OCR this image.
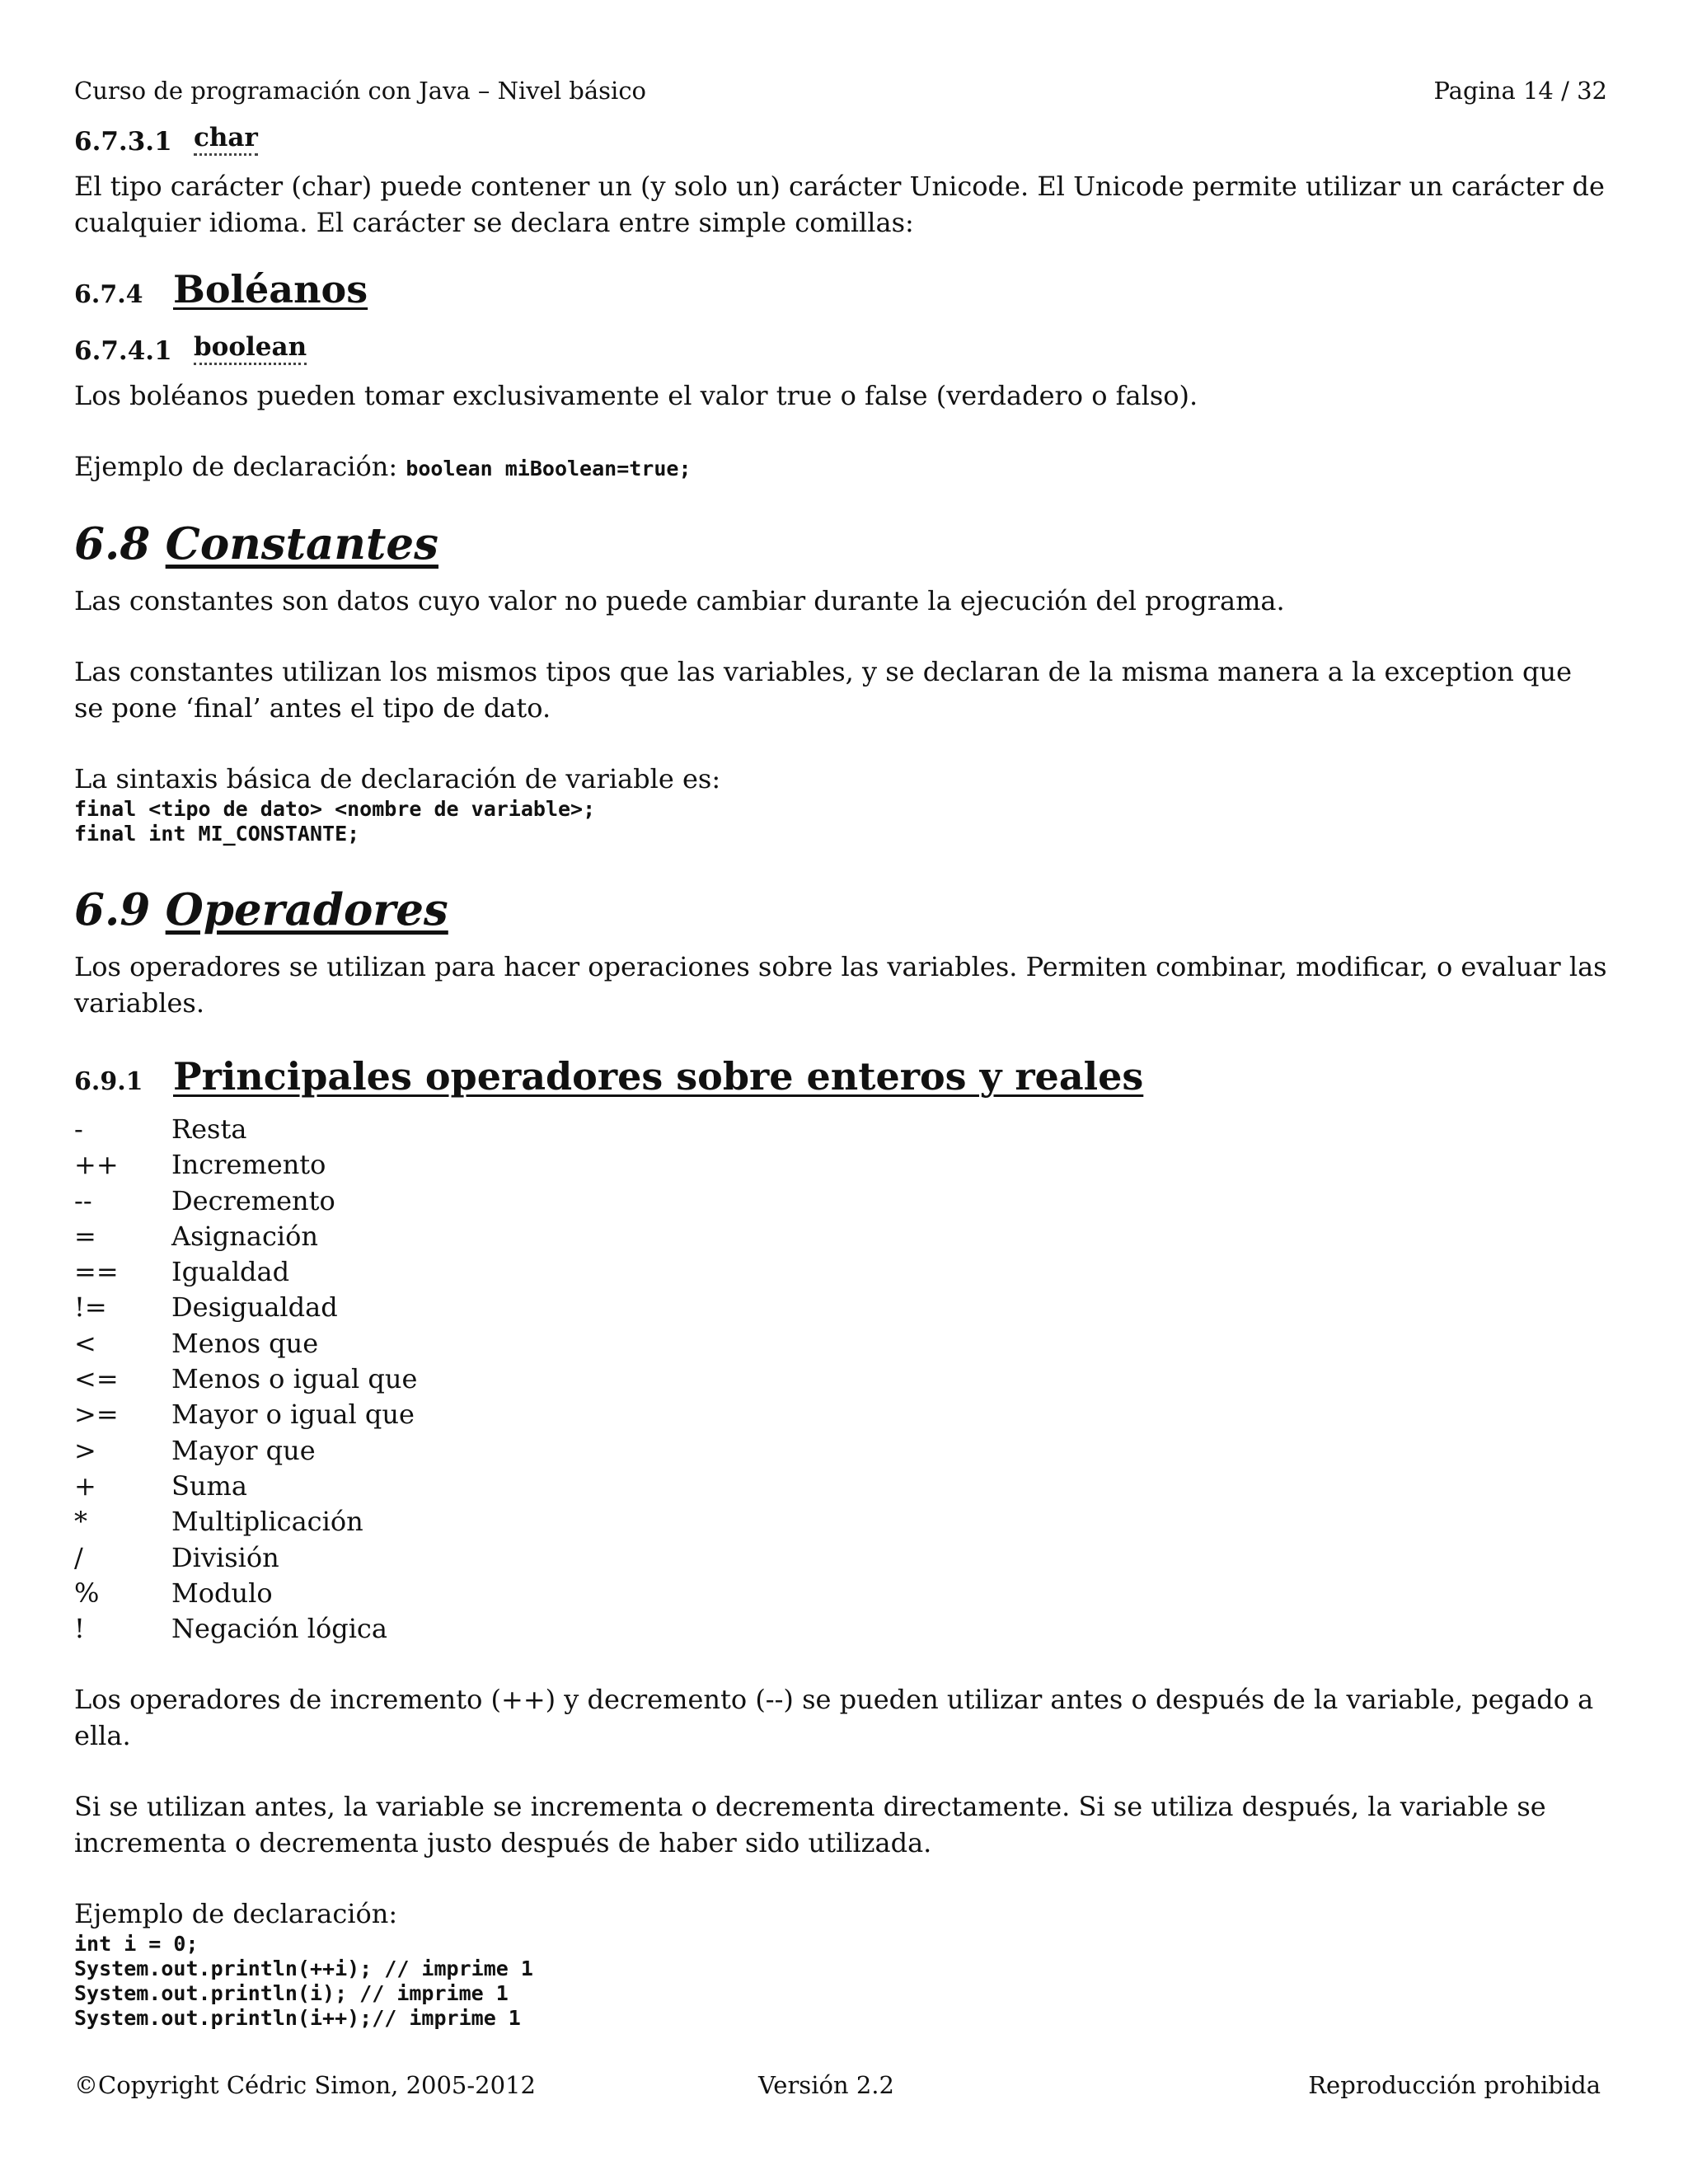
Curso de programación con Java – Nivel básico	Pagina 14 / 32
6.7.3.1 char

El tipo carácter (char) puede contener un (y solo un) carácter Unicode. El Unicode permite utilizar un carácter de cualquier idioma. El carácter se declara entre simple comillas:

6.7.4 Boléanos
6.7.4.1 boolean

Los boléanos pueden tomar exclusivamente el valor true o false (verdadero o falso).

Ejemplo de declaración: boolean miBoolean=true;

6.8 Constantes

Las constantes son datos cuyo valor no puede cambiar durante la ejecución del programa.

Las constantes utilizan los mismos tipos que las variables, y se declaran de la misma manera a la exception que se pone ‘final’ antes el tipo de dato.

La sintaxis básica de declaración de variable es:

final <tipo de dato> <nombre de variable>;
final int MI_CONSTANTE;
6.9 Operadores

Los operadores se utilizan para hacer operaciones sobre las variables. Permiten combinar, modificar, o evaluar las variables.

6.9.1 Principales operadores sobre enteros y reales
-	Resta
++	Incremento
--	Decremento
=	Asignación
==	Igualdad
!=	Desigualdad
<	Menos que
<=	Menos o igual que
>=	Mayor o igual que
>	Mayor que
+	Suma
*	Multiplicación
/	División
%	Modulo
!	Negación lógica

Los operadores de incremento (++) y decremento (--) se pueden utilizar antes o después de la variable, pegado a ella.

Si se utilizan antes, la variable se incrementa o decrementa directamente. Si se utiliza después, la variable se incrementa o decrementa justo después de haber sido utilizada.

Ejemplo de declaración:

int i = 0;
System.out.println(++i); // imprime 1
System.out.println(i); // imprime 1
System.out.println(i++);// imprime 1
©Copyright Cédric Simon, 2005-2012	Versión 2.2	Reproducción prohibida
